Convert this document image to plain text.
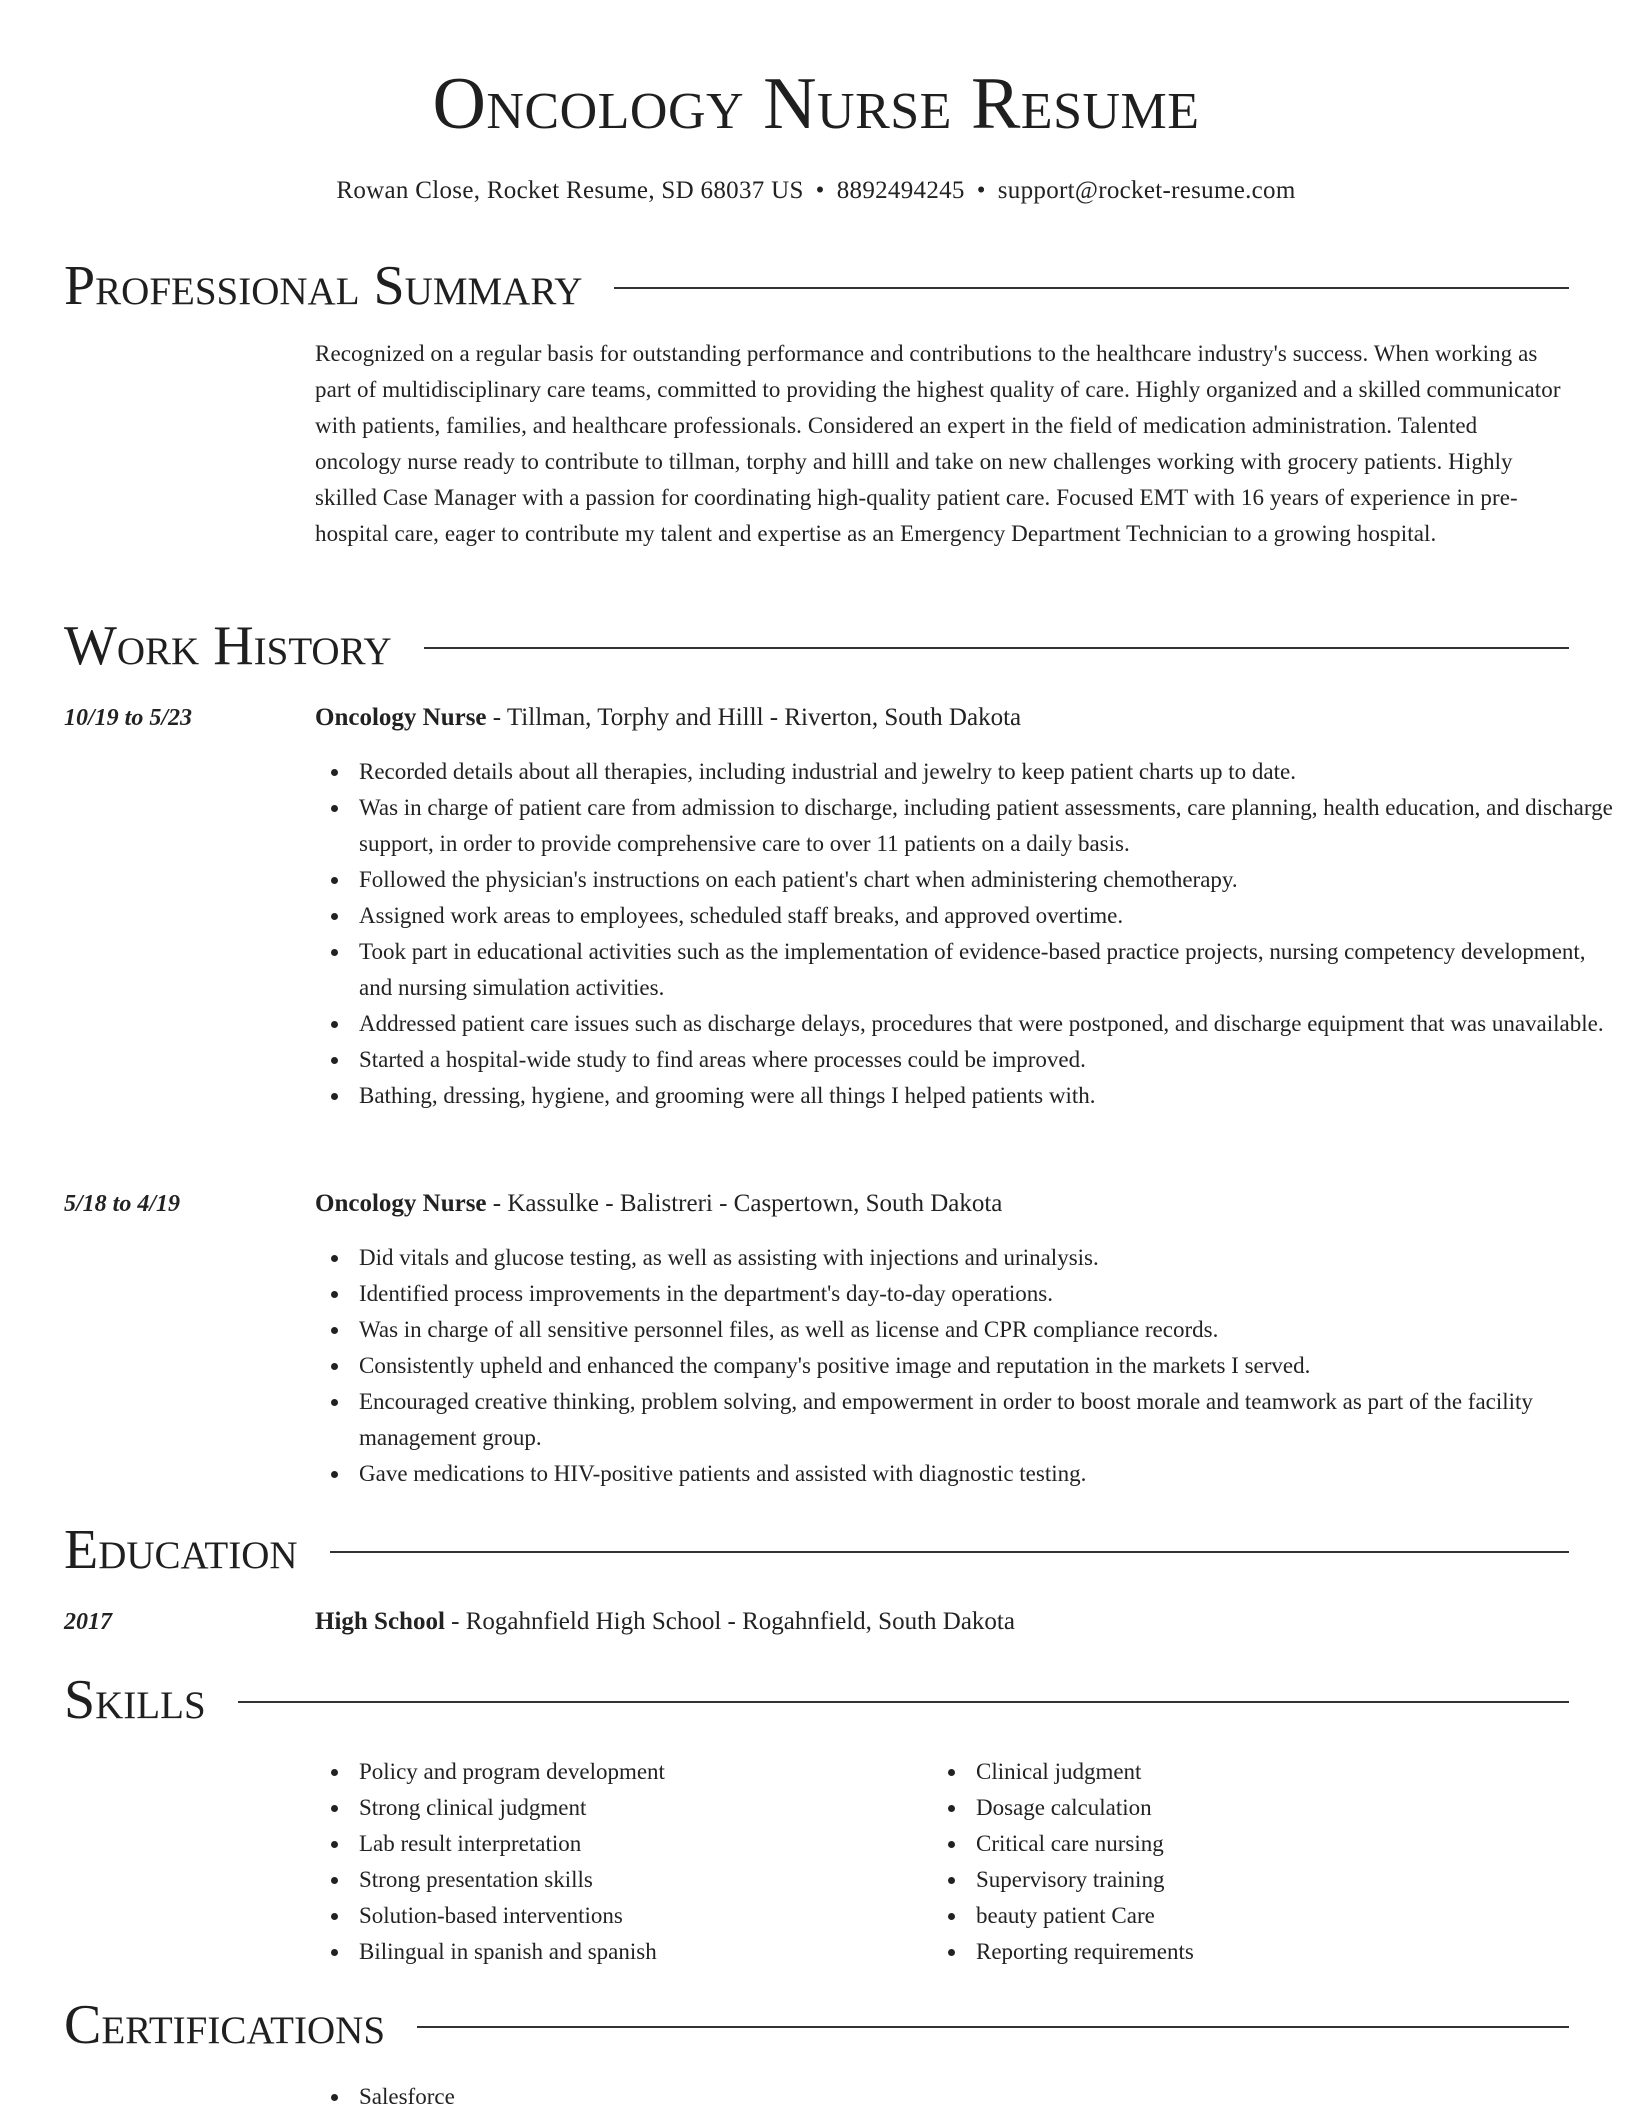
Oncology Nurse Resume
Rowan Close, Rocket Resume, SD 68037 US • 8892494245 • support@rocket-resume.com
Professional Summary
Recognized on a regular basis for outstanding performance and contributions to the healthcare industry's success. When working as part of multidisciplinary care teams, committed to providing the highest quality of care. Highly organized and a skilled communicator with patients, families, and healthcare professionals. Considered an expert in the field of medication administration. Talented oncology nurse ready to contribute to tillman, torphy and hilll and take on new challenges working with grocery patients. Highly skilled Case Manager with a passion for coordinating high-quality patient care. Focused EMT with 16 years of experience in pre-hospital care, eager to contribute my talent and expertise as an Emergency Department Technician to a growing hospital.
Work History
10/19 to 5/23	Oncology Nurse - Tillman, Torphy and Hilll - Riverton, South Dakota
Recorded details about all therapies, including industrial and jewelry to keep patient charts up to date.
Was in charge of patient care from admission to discharge, including patient assessments, care planning, health education, and discharge support, in order to provide comprehensive care to over 11 patients on a daily basis.
Followed the physician's instructions on each patient's chart when administering chemotherapy.
Assigned work areas to employees, scheduled staff breaks, and approved overtime.
Took part in educational activities such as the implementation of evidence-based practice projects, nursing competency development, and nursing simulation activities.
Addressed patient care issues such as discharge delays, procedures that were postponed, and discharge equipment that was unavailable.
Started a hospital-wide study to find areas where processes could be improved.
Bathing, dressing, hygiene, and grooming were all things I helped patients with.
5/18 to 4/19	Oncology Nurse - Kassulke - Balistreri - Caspertown, South Dakota
Did vitals and glucose testing, as well as assisting with injections and urinalysis.
Identified process improvements in the department's day-to-day operations.
Was in charge of all sensitive personnel files, as well as license and CPR compliance records.
Consistently upheld and enhanced the company's positive image and reputation in the markets I served.
Encouraged creative thinking, problem solving, and empowerment in order to boost morale and teamwork as part of the facility management group.
Gave medications to HIV-positive patients and assisted with diagnostic testing.
Education
2017	High School - Rogahnfield High School - Rogahnfield, South Dakota
Skills
Policy and program development
Strong clinical judgment
Lab result interpretation
Strong presentation skills
Solution-based interventions
Bilingual in spanish and spanish
Clinical judgment
Dosage calculation
Critical care nursing
Supervisory training
beauty patient Care
Reporting requirements
Certifications
Salesforce
